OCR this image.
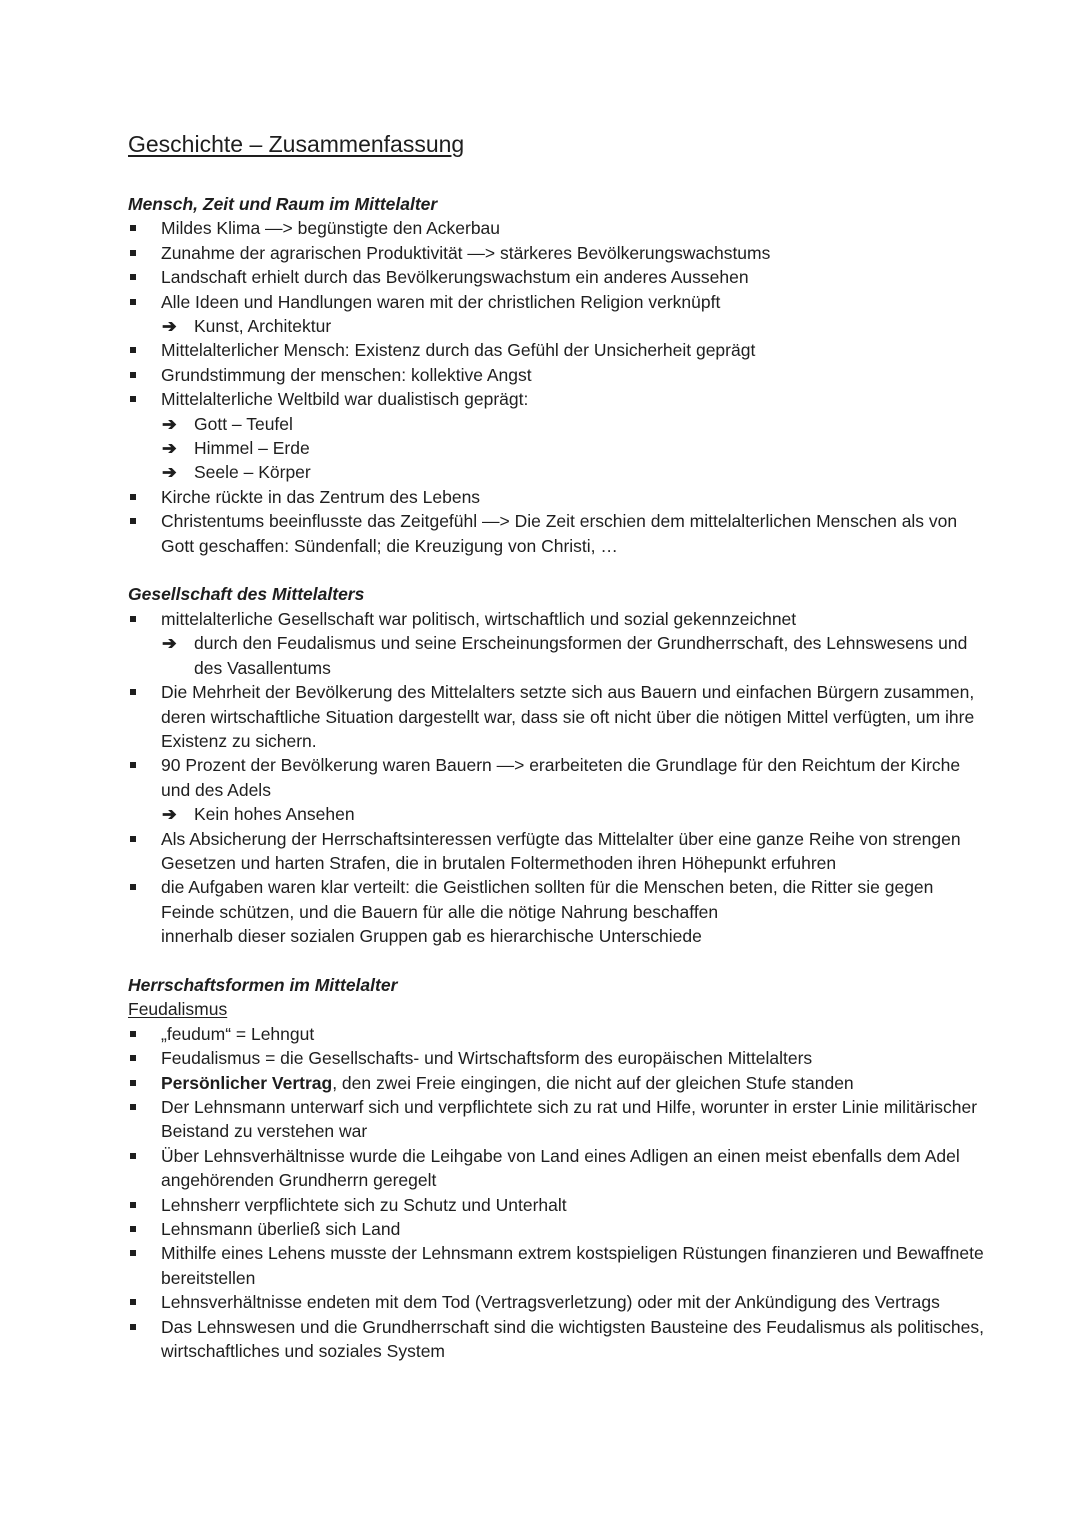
Geschichte – Zusammenfassung

Mensch, Zeit und Raum im Mittelalter

Mildes Klima —> begünstigte den Ackerbau
Zunahme der agrarischen Produktivität —> stärkeres Bevölkerungswachstums
Landschaft erhielt durch das Bevölkerungswachstum ein anderes Aussehen
Alle Ideen und Handlungen waren mit der christlichen Religion verknüpft
➔ Kunst, Architektur
Mittelalterlicher Mensch: Existenz durch das Gefühl der Unsicherheit geprägt
Grundstimmung der menschen: kollektive Angst
Mittelalterliche Weltbild war dualistisch geprägt:
➔ Gott – Teufel
➔ Himmel – Erde
➔ Seele – Körper
Kirche rückte in das Zentrum des Lebens
Christentums beeinflusste das Zeitgefühl —> Die Zeit erschien dem mittelalterlichen Menschen als von Gott geschaffen: Sündenfall; die Kreuzigung von Christi, …

Gesellschaft des Mittelalters

mittelalterliche Gesellschaft war politisch, wirtschaftlich und sozial gekennzeichnet
➔ durch den Feudalismus und seine Erscheinungsformen der Grundherrschaft, des Lehnswesens und des Vasallentums
Die Mehrheit der Bevölkerung des Mittelalters setzte sich aus Bauern und einfachen Bürgern zusammen, deren wirtschaftliche Situation dargestellt war, dass sie oft nicht über die nötigen Mittel verfügten, um ihre Existenz zu sichern.
90 Prozent der Bevölkerung waren Bauern —> erarbeiteten die Grundlage für den Reichtum der Kirche und des Adels
➔ Kein hohes Ansehen
Als Absicherung der Herrschaftsinteressen verfügte das Mittelalter über eine ganze Reihe von strengen Gesetzen und harten Strafen, die in brutalen Foltermethoden ihren Höhepunkt erfuhren
die Aufgaben waren klar verteilt: die Geistlichen sollten für die Menschen beten, die Ritter sie gegen Feinde schützen, und die Bauern für alle die nötige Nahrung beschaffen
innerhalb dieser sozialen Gruppen gab es hierarchische Unterschiede

Herrschaftsformen im Mittelalter

Feudalismus

„feudum“ = Lehngut
Feudalismus = die Gesellschafts- und Wirtschaftsform des europäischen Mittelalters
Persönlicher Vertrag, den zwei Freie eingingen, die nicht auf der gleichen Stufe standen
Der Lehnsmann unterwarf sich und verpflichtete sich zu rat und Hilfe, worunter in erster Linie militärischer Beistand zu verstehen war
Über Lehnsverhältnisse wurde die Leihgabe von Land eines Adligen an einen meist ebenfalls dem Adel angehörenden Grundherrn geregelt
Lehnsherr verpflichtete sich zu Schutz und Unterhalt
Lehnsmann überließ sich Land
Mithilfe eines Lehens musste der Lehnsmann extrem kostspieligen Rüstungen finanzieren und Bewaffnete bereitstellen
Lehnsverhältnisse endeten mit dem Tod (Vertragsverletzung) oder mit der Ankündigung des Vertrags
Das Lehnswesen und die Grundherrschaft sind die wichtigsten Bausteine des Feudalismus als politisches, wirtschaftliches und soziales System
